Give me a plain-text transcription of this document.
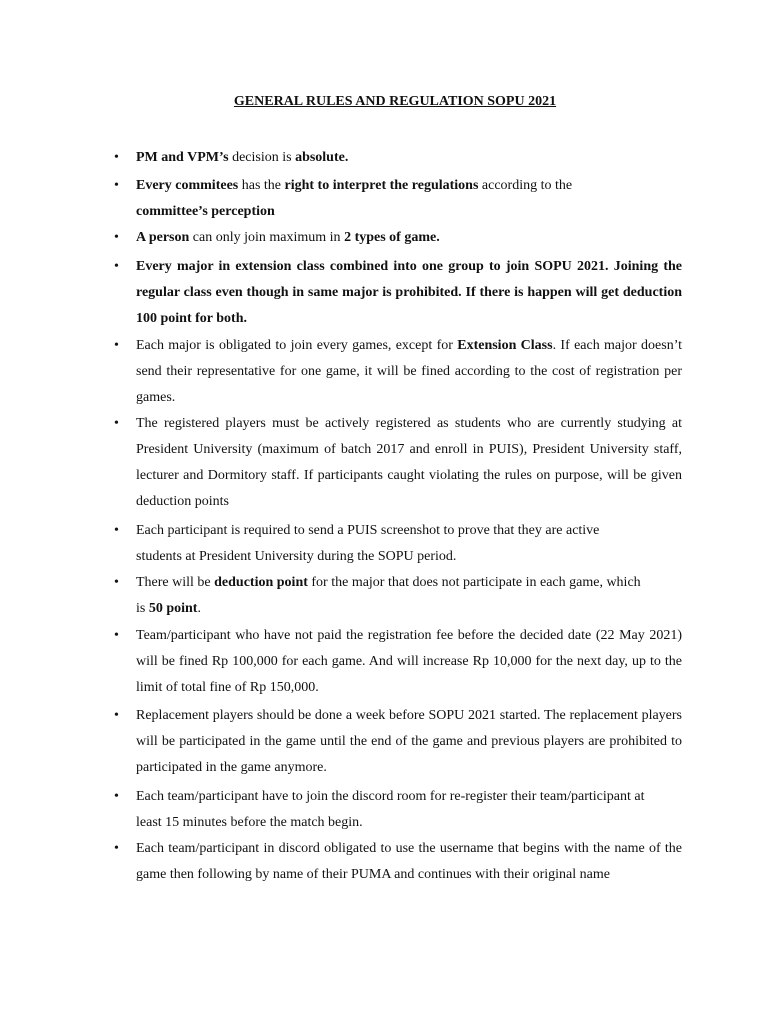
GENERAL RULES AND REGULATION SOPU 2021
• PM and VPM’s decision is absolute.
• Every commitees has the right to interpret the regulations according to the committee’s perception
• A person can only join maximum in 2 types of game.
• Every major in extension class combined into one group to join SOPU 2021. Joining the regular class even though in same major is prohibited. If there is happen will get deduction 100 point for both.
• Each major is obligated to join every games, except for Extension Class. If each major doesn’t send their representative for one game, it will be fined according to the cost of registration per games.
• The registered players must be actively registered as students who are currently studying at President University (maximum of batch 2017 and enroll in PUIS), President University staff, lecturer and Dormitory staff. If participants caught violating the rules on purpose, will be given deduction points
• Each participant is required to send a PUIS screenshot to prove that they are active students at President University during the SOPU period.
• There will be deduction point for the major that does not participate in each game, which is 50 point.
• Team/participant who have not paid the registration fee before the decided date (22 May 2021) will be fined Rp 100,000 for each game. And will increase Rp 10,000 for the next day, up to the limit of total fine of Rp 150,000.
• Replacement players should be done a week before SOPU 2021 started. The replacement players will be participated in the game until the end of the game and previous players are prohibited to participated in the game anymore.
• Each team/participant have to join the discord room for re-register their team/participant at least 15 minutes before the match begin.
• Each team/participant in discord obligated to use the username that begins with the name of the game then following by name of their PUMA and continues with their original name
